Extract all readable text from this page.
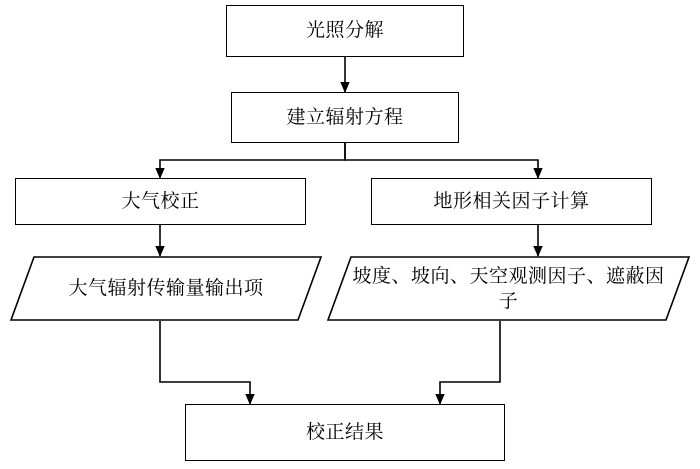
光照分解
建立辐射方程
大气校正	地形相关因子计算
大气辐射传输量输出项
坡度、坡向、天空观测因子、遮蔽因子
校正结果
